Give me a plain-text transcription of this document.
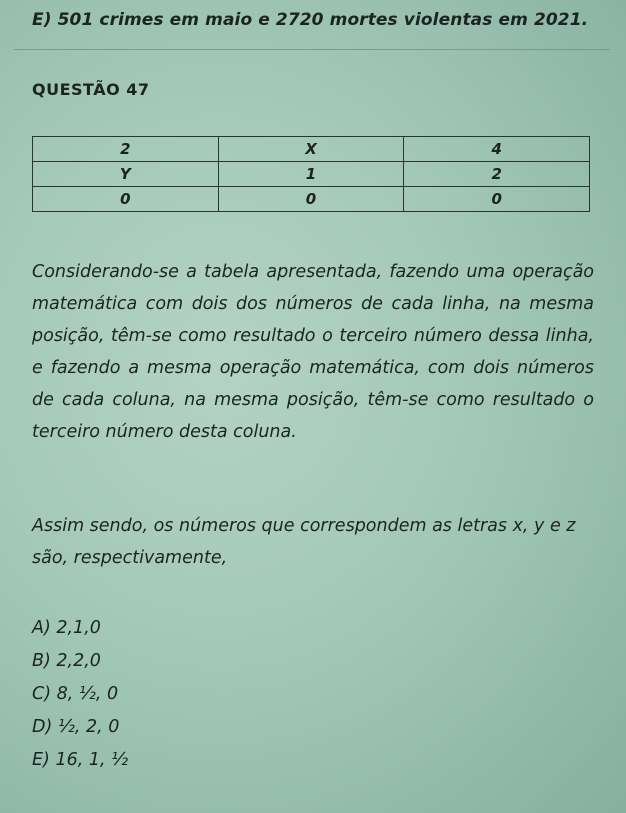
E) 501 crimes em maio e 2720 mortes violentas em 2021.
QUESTÃO 47
2	X	4
Y	1	2
0	0	0

Considerando-se a tabela apresentada, fazendo uma operação matemática com dois dos números de cada linha, na mesma posição, têm-se como resultado o terceiro número dessa linha, e fazendo a mesma operação matemática, com dois números de cada coluna, na mesma posição, têm-se como resultado o terceiro número desta coluna.

Assim sendo, os números que correspondem as letras x, y e z são, respectivamente,

A) 2,1,0
B) 2,2,0
C) 8, ½, 0
D) ½, 2, 0
E) 16, 1, ½
